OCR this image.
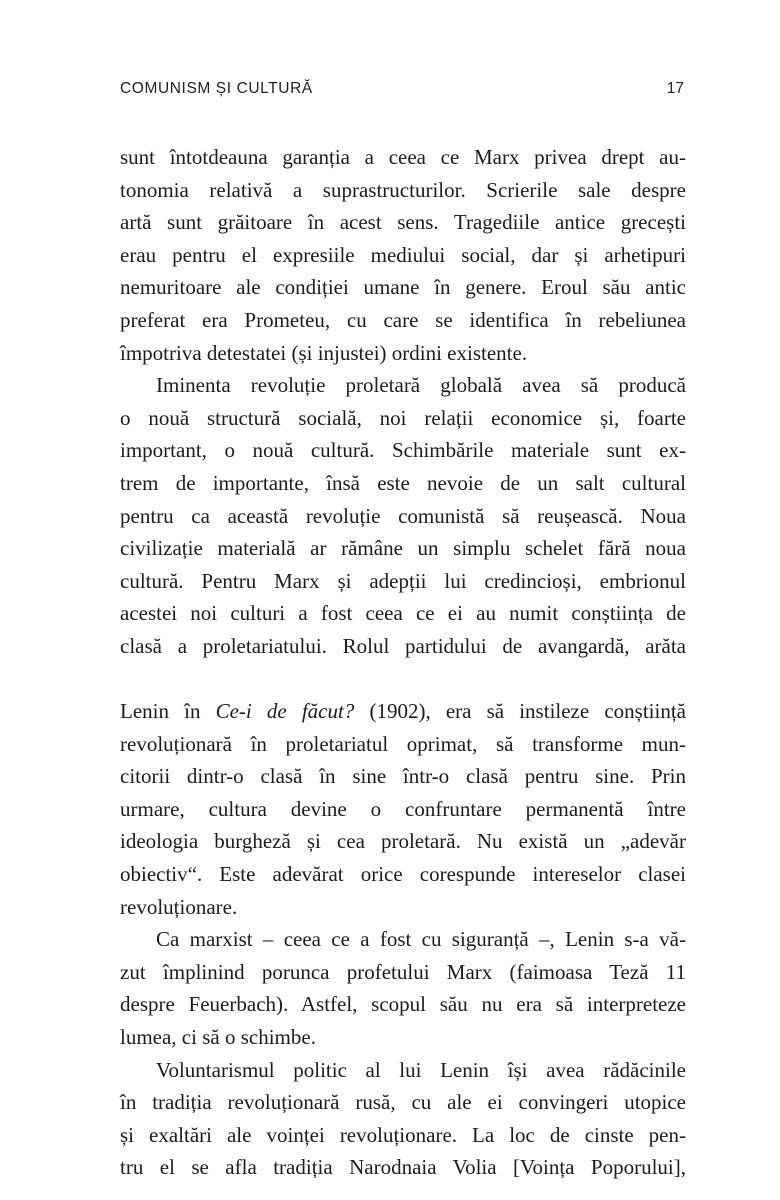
COMUNISM ȘI CULTURĂ	17
sunt întotdeauna garanția a ceea ce Marx privea drept au-
tonomia relativă a suprastructurilor. Scrierile sale despre
artă sunt grăitoare în acest sens. Tragediile antice grecești
erau pentru el expresiile mediului social, dar și arhetipuri
nemuritoare ale condiției umane în genere. Eroul său antic
preferat era Prometeu, cu care se identifica în rebeliunea
împotriva detestatei (și injustei) ordini existente.
Iminenta revoluție proletară globală avea să producă
o nouă structură socială, noi relații economice și, foarte
important, o nouă cultură. Schimbările materiale sunt ex-
trem de importante, însă este nevoie de un salt cultural
pentru ca această revoluție comunistă să reușească. Noua
civilizație materială ar rămâne un simplu schelet fără noua
cultură. Pentru Marx și adepții lui credincioși, embrionul
acestei noi culturi a fost ceea ce ei au numit conștiința de
clasă a proletariatului. Rolul partidului de avangardă, arăta
Lenin în Ce-i de făcut? (1902), era să instileze conștiință
revoluționară în proletariatul oprimat, să transforme mun-
citorii dintr-o clasă în sine într-o clasă pentru sine. Prin
urmare, cultura devine o confruntare permanentă între
ideologia burgheză și cea proletară. Nu există un „adevăr
obiectiv“. Este adevărat orice corespunde intereselor clasei
revoluționare.
Ca marxist – ceea ce a fost cu siguranță –, Lenin s-a vă-
zut împlinind porunca profetului Marx (faimoasa Teză 11
despre Feuerbach). Astfel, scopul său nu era să interpreteze
lumea, ci să o schimbe.
Voluntarismul politic al lui Lenin își avea rădăcinile
în tradiția revoluționară rusă, cu ale ei convingeri utopice
și exaltări ale voinței revoluționare. La loc de cinste pen-
tru el se afla tradiția Narodnaia Volia [Voința Poporului],
